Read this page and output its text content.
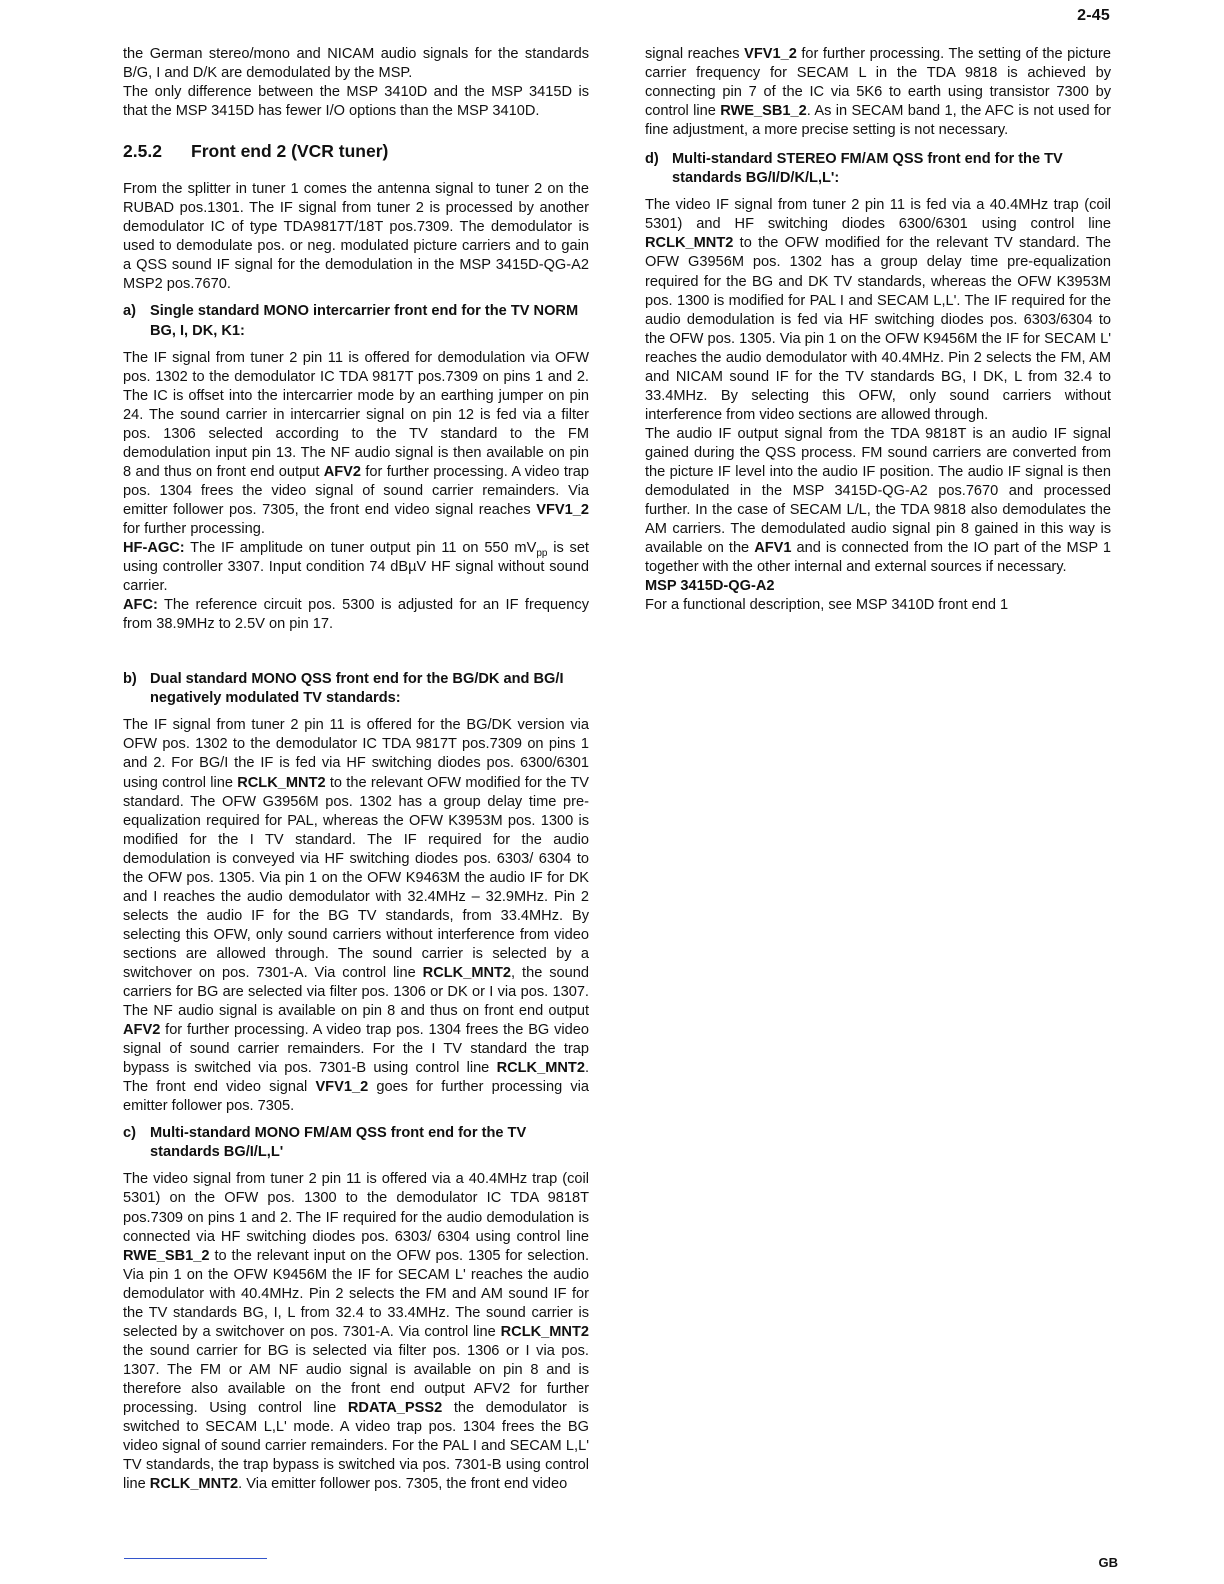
2-45

the German stereo/mono and NICAM audio signals for the standards B/G, I and D/K are demodulated by the MSP.

The only difference between the MSP 3410D and the MSP 3415D is that the MSP 3415D has fewer I/O options than the MSP 3410D.

2.5.2 Front end 2 (VCR tuner)

From the splitter in tuner 1 comes the antenna signal to tuner 2 on the RUBAD pos.1301. The IF signal from tuner 2 is processed by another demodulator IC of type TDA9817T/18T pos.7309. The demodulator is used to demodulate pos. or neg. modulated picture carriers and to gain a QSS sound IF signal for the demodulation in the MSP 3415D-QG-A2 MSP2 pos.7670.

a) Single standard MONO intercarrier front end for the TV NORM BG, I, DK, K1:

The IF signal from tuner 2 pin 11 is offered for demodulation via OFW pos. 1302 to the demodulator IC TDA 9817T pos.7309 on pins 1 and 2. The IC is offset into the intercarrier mode by an earthing jumper on pin 24. The sound carrier in intercarrier signal on pin 12 is fed via a filter pos. 1306 selected according to the TV standard to the FM demodulation input pin 13. The NF audio signal is then available on pin 8 and thus on front end output AFV2 for further processing. A video trap pos. 1304 frees the video signal of sound carrier remainders. Via emitter follower pos. 7305, the front end video signal reaches VFV1_2 for further processing.

HF-AGC: The IF amplitude on tuner output pin 11 on 550 $mV_{pp}$ is set using controller 3307. Input condition 74 dBµV HF signal without sound carrier.

AFC: The reference circuit pos. 5300 is adjusted for an IF frequency from 38.9MHz to 2.5V on pin 17.

b) Dual standard MONO QSS front end for the BG/DK and BG/I negatively modulated TV standards:

The IF signal from tuner 2 pin 11 is offered for the BG/DK version via OFW pos. 1302 to the demodulator IC TDA 9817T pos.7309 on pins 1 and 2. For BG/I the IF is fed via HF switching diodes pos. 6300/6301 using control line RCLK_MNT2 to the relevant OFW modified for the TV standard. The OFW G3956M pos. 1302 has a group delay time pre-equalization required for PAL, whereas the OFW K3953M pos. 1300 is modified for the I TV standard. The IF required for the audio demodulation is conveyed via HF switching diodes pos. 6303/ 6304 to the OFW pos. 1305. Via pin 1 on the OFW K9463M the audio IF for DK and I reaches the audio demodulator with 32.4MHz – 32.9MHz. Pin 2 selects the audio IF for the BG TV standards, from 33.4MHz. By selecting this OFW, only sound carriers without interference from video sections are allowed through. The sound carrier is selected by a switchover on pos. 7301-A. Via control line RCLK_MNT2, the sound carriers for BG are selected via filter pos. 1306 or DK or I via pos. 1307. The NF audio signal is available on pin 8 and thus on front end output AFV2 for further processing. A video trap pos. 1304 frees the BG video signal of sound carrier remainders. For the I TV standard the trap bypass is switched via pos. 7301-B using control line RCLK_MNT2. The front end video signal VFV1_2 goes for further processing via emitter follower pos. 7305.

c) Multi-standard MONO FM/AM QSS front end for the TV standards BG/I/L,L'

The video signal from tuner 2 pin 11 is offered via a 40.4MHz trap (coil 5301) on the OFW pos. 1300 to the demodulator IC TDA 9818T pos.7309 on pins 1 and 2. The IF required for the audio demodulation is connected via HF switching diodes pos. 6303/ 6304 using control line RWE_SB1_2 to the relevant input on the OFW pos. 1305 for selection. Via pin 1 on the OFW K9456M the IF for SECAM L' reaches the audio demodulator with 40.4MHz. Pin 2 selects the FM and AM sound IF for the TV standards BG, I, L from 32.4 to 33.4MHz. The sound carrier is selected by a switchover on pos. 7301-A. Via control line RCLK_MNT2 the sound carrier for BG is selected via filter pos. 1306 or I via pos. 1307. The FM or AM NF audio signal is available on pin 8 and is therefore also available on the front end output AFV2 for further processing. Using control line RDATA_PSS2 the demodulator is switched to SECAM L,L' mode. A video trap pos. 1304 frees the BG video signal of sound carrier remainders. For the PAL I and SECAM L,L' TV standards, the trap bypass is switched via pos. 7301-B using control line RCLK_MNT2. Via emitter follower pos. 7305, the front end video

signal reaches VFV1_2 for further processing. The setting of the picture carrier frequency for SECAM L in the TDA 9818 is achieved by connecting pin 7 of the IC via 5K6 to earth using transistor 7300 by control line RWE_SB1_2. As in SECAM band 1, the AFC is not used for fine adjustment, a more precise setting is not necessary.

d) Multi-standard STEREO FM/AM QSS front end for the TV standards BG/I/D/K/L,L':

The video IF signal from tuner 2 pin 11 is fed via a 40.4MHz trap (coil 5301) and HF switching diodes 6300/6301 using control line RCLK_MNT2 to the OFW modified for the relevant TV standard. The OFW G3956M pos. 1302 has a group delay time pre-equalization required for the BG and DK TV standards, whereas the OFW K3953M pos. 1300 is modified for PAL I and SECAM L,L'. The IF required for the audio demodulation is fed via HF switching diodes pos. 6303/6304 to the OFW pos. 1305. Via pin 1 on the OFW K9456M the IF for SECAM L' reaches the audio demodulator with 40.4MHz. Pin 2 selects the FM, AM and NICAM sound IF for the TV standards BG, I DK, L from 32.4 to 33.4MHz. By selecting this OFW, only sound carriers without interference from video sections are allowed through.

The audio IF output signal from the TDA 9818T is an audio IF signal gained during the QSS process. FM sound carriers are converted from the picture IF level into the audio IF position. The audio IF signal is then demodulated in the MSP 3415D-QG-A2 pos.7670 and processed further. In the case of SECAM L/L, the TDA 9818 also demodulates the AM carriers. The demodulated audio signal pin 8 gained in this way is available on the AFV1 and is connected from the IO part of the MSP 1 together with the other internal and external sources if necessary.

MSP 3415D-QG-A2

For a functional description, see MSP 3410D front end 1

GB
